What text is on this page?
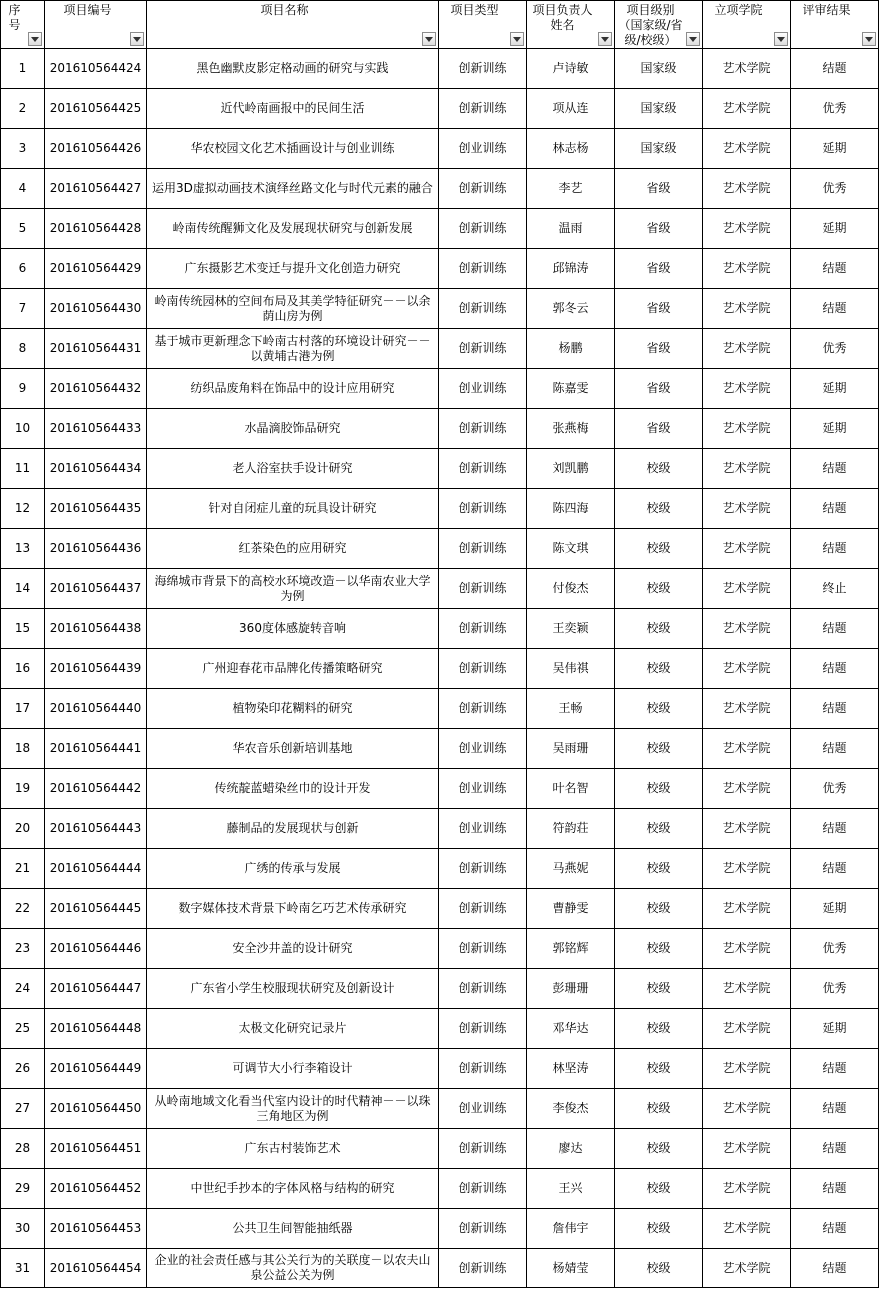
序号	项目编号	项目名称	项目类型	项目负责人姓名	项目级别（国家级/省级/校级）	立项学院	评审结果

1	201610564424	黑色幽默皮影定格动画的研究与实践	创新训练	卢诗敏	国家级	艺术学院	结题
2	201610564425	近代岭南画报中的民间生活	创新训练	项从连	国家级	艺术学院	优秀
3	201610564426	华农校园文化艺术插画设计与创业训练	创业训练	林志杨	国家级	艺术学院	延期
4	201610564427	运用3D虚拟动画技术演绎丝路文化与时代元素的融合	创新训练	李艺	省级	艺术学院	优秀
5	201610564428	岭南传统醒狮文化及发展现状研究与创新发展	创新训练	温雨	省级	艺术学院	延期
6	201610564429	广东摄影艺术变迁与提升文化创造力研究	创新训练	邱锦涛	省级	艺术学院	结题
7	201610564430	岭南传统园林的空间布局及其美学特征研究－－以余荫山房为例	创新训练	郭冬云	省级	艺术学院	结题
8	201610564431	基于城市更新理念下岭南古村落的环境设计研究－－以黄埔古港为例	创新训练	杨鹏	省级	艺术学院	优秀
9	201610564432	纺织品废角料在饰品中的设计应用研究	创业训练	陈嘉雯	省级	艺术学院	延期
10	201610564433	水晶滴胶饰品研究	创新训练	张燕梅	省级	艺术学院	延期
11	201610564434	老人浴室扶手设计研究	创新训练	刘凯鹏	校级	艺术学院	结题
12	201610564435	针对自闭症儿童的玩具设计研究	创新训练	陈四海	校级	艺术学院	结题
13	201610564436	红茶染色的应用研究	创新训练	陈文琪	校级	艺术学院	结题
14	201610564437	海绵城市背景下的高校水环境改造－以华南农业大学为例	创新训练	付俊杰	校级	艺术学院	终止
15	201610564438	360度体感旋转音响	创新训练	王奕颖	校级	艺术学院	结题
16	201610564439	广州迎春花市品牌化传播策略研究	创新训练	吴伟祺	校级	艺术学院	结题
17	201610564440	植物染印花糊料的研究	创新训练	王畅	校级	艺术学院	结题
18	201610564441	华农音乐创新培训基地	创业训练	吴雨珊	校级	艺术学院	结题
19	201610564442	传统靛蓝蜡染丝巾的设计开发	创业训练	叶名智	校级	艺术学院	优秀
20	201610564443	藤制品的发展现状与创新	创业训练	符韵荘	校级	艺术学院	结题
21	201610564444	广绣的传承与发展	创新训练	马燕妮	校级	艺术学院	结题
22	201610564445	数字媒体技术背景下岭南乞巧艺术传承研究	创新训练	曹静雯	校级	艺术学院	延期
23	201610564446	安全沙井盖的设计研究	创新训练	郭铭辉	校级	艺术学院	优秀
24	201610564447	广东省小学生校服现状研究及创新设计	创新训练	彭珊珊	校级	艺术学院	优秀
25	201610564448	太极文化研究记录片	创新训练	邓华达	校级	艺术学院	延期
26	201610564449	可调节大小行李箱设计	创新训练	林坚涛	校级	艺术学院	结题
27	201610564450	从岭南地域文化看当代室内设计的时代精神－－以珠三角地区为例	创业训练	李俊杰	校级	艺术学院	结题
28	201610564451	广东古村装饰艺术	创新训练	廖达	校级	艺术学院	结题
29	201610564452	中世纪手抄本的字体风格与结构的研究	创新训练	王兴	校级	艺术学院	结题
30	201610564453	公共卫生间智能抽纸器	创新训练	詹伟宇	校级	艺术学院	结题
31	201610564454	企业的社会责任感与其公关行为的关联度－以农夫山泉公益公关为例	创新训练	杨婧莹	校级	艺术学院	结题
